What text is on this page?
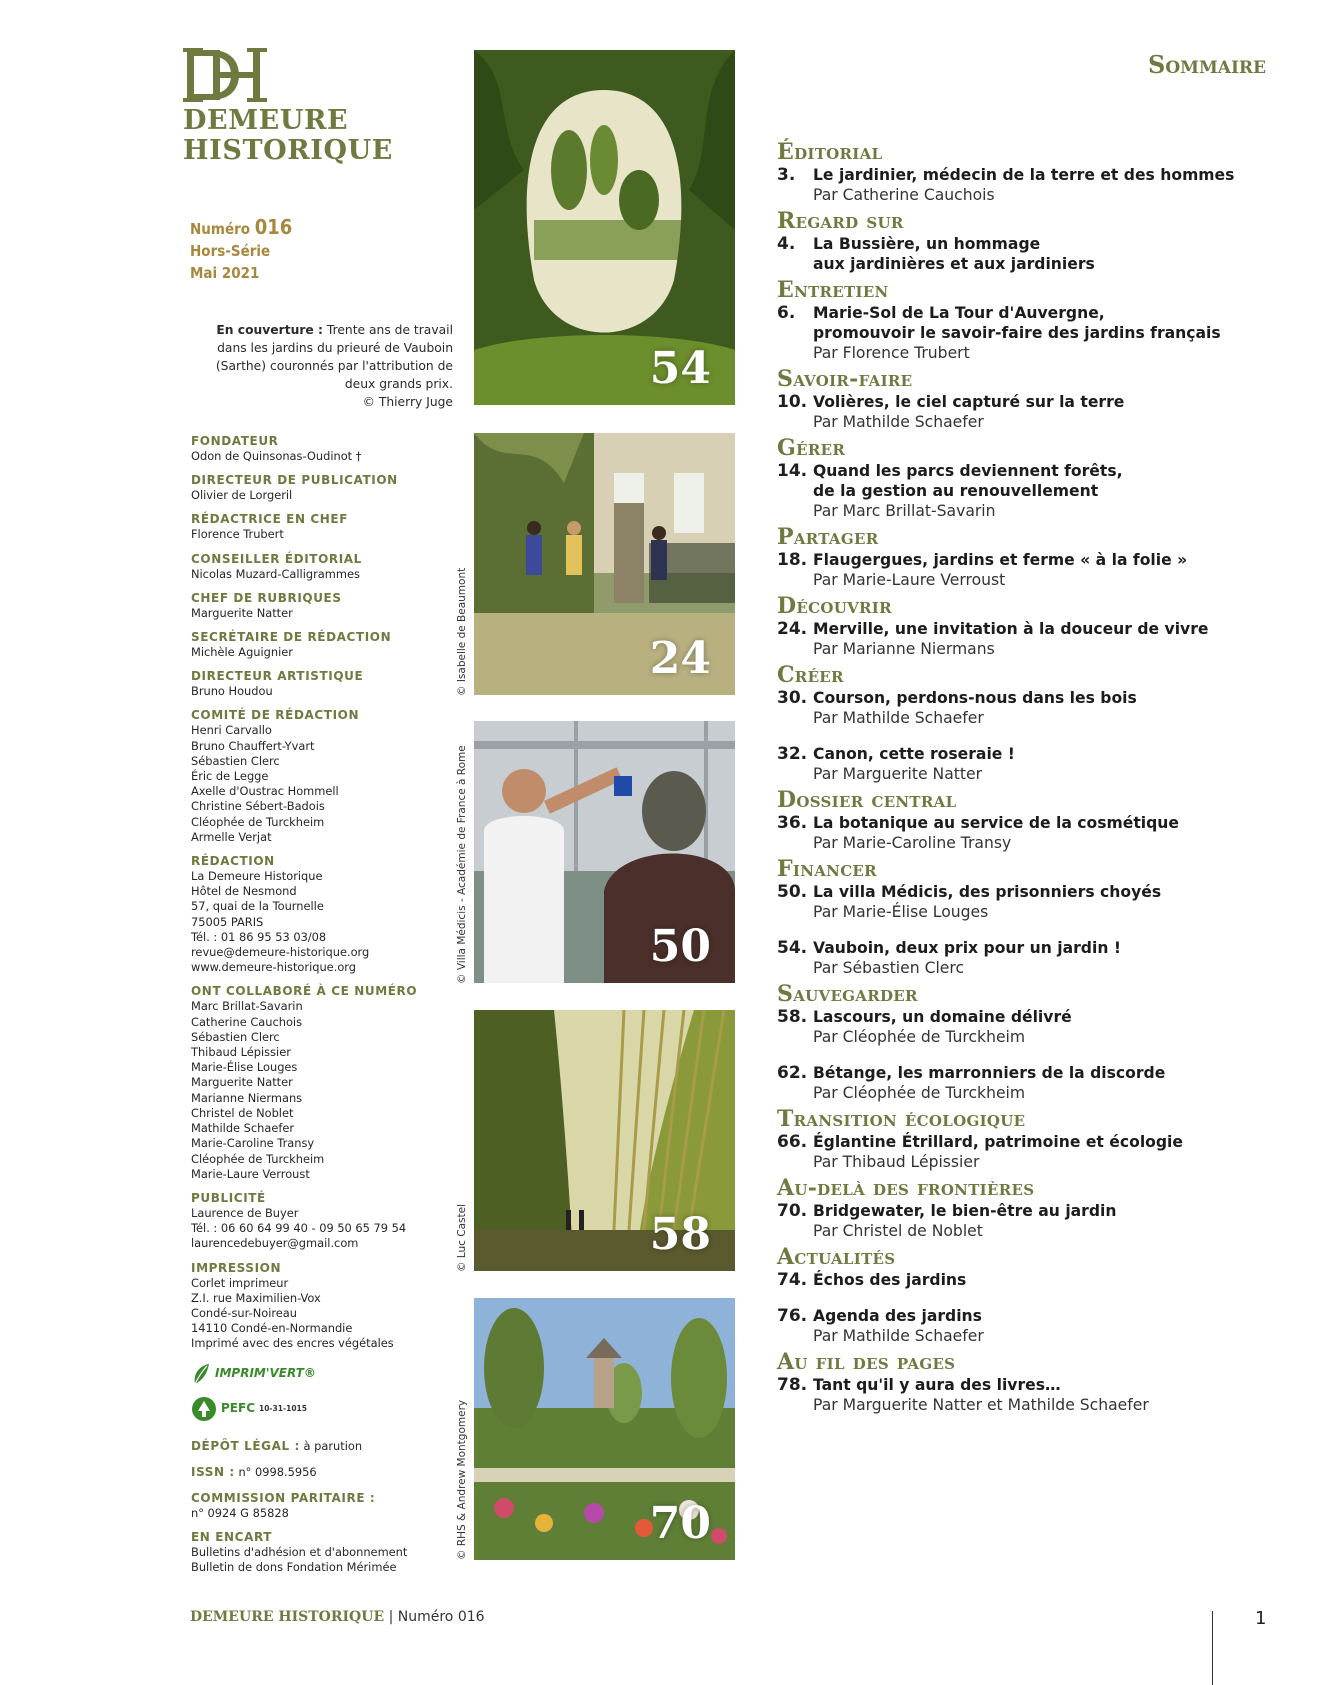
DEMEURE
HISTORIQUE
Numéro 016
Hors-Série
Mai 2021
En couverture : Trente ans de travail dans les jardins du prieuré de Vauboin (Sarthe) couronnés par l'attribution de deux grands prix.
© Thierry Juge
FONDATEUR
Odon de Quinsonas-Oudinot †
DIRECTEUR DE PUBLICATION
Olivier de Lorgeril
RÉDACTRICE EN CHEF
Florence Trubert
CONSEILLER ÉDITORIAL
Nicolas Muzard-Calligrammes
CHEF DE RUBRIQUES
Marguerite Natter
SECRÉTAIRE DE RÉDACTION
Michèle Aguignier
DIRECTEUR ARTISTIQUE
Bruno Houdou
COMITÉ DE RÉDACTION
Henri Carvallo
Bruno Chauffert-Yvart
Sébastien Clerc
Éric de Legge
Axelle d'Oustrac Hommell
Christine Sébert-Badois
Cléophée de Turckheim
Armelle Verjat
RÉDACTION
La Demeure Historique
Hôtel de Nesmond
57, quai de la Tournelle
75005 PARIS
Tél. : 01 86 95 53 03/08
revue@demeure-historique.org
www.demeure-historique.org
ONT COLLABORÉ À CE NUMÉRO
Marc Brillat-Savarin
Catherine Cauchois
Sébastien Clerc
Thibaud Lépissier
Marie-Élise Louges
Marguerite Natter
Marianne Niermans
Christel de Noblet
Mathilde Schaefer
Marie-Caroline Transy
Cléophée de Turckheim
Marie-Laure Verroust
PUBLICITÉ
Laurence de Buyer
Tél. : 06 60 64 99 40 - 09 50 65 79 54
laurencedebuyer@gmail.com
IMPRESSION
Corlet imprimeur
Z.I. rue Maximilien-Vox
Condé-sur-Noireau
14110 Condé-en-Normandie
Imprimé avec des encres végétales
IMPRIM'VERT®
PEFC 10-31-1015
DÉPÔT LÉGAL : à parution
ISSN : n° 0998.5956
COMMISSION PARITAIRE :
n° 0924 G 85828
EN ENCART
Bulletins d'adhésion et d'abonnement
Bulletin de dons Fondation Mérimée
54
24
© Isabelle de Beaumont
50
© Villa Médicis - Académie de France à Rome
58
© Luc Castel
70
© RHS & Andrew Montgomery
Sommaire
Éditorial
3.	Le jardinier, médecin de la terre et des hommes
Par Catherine Cauchois
Regard sur
4.	La Bussière, un hommage
aux jardinières et aux jardiniers
Entretien
6.	Marie-Sol de La Tour d'Auvergne,
promouvoir le savoir-faire des jardins français
Par Florence Trubert
Savoir-faire
10. Volières, le ciel capturé sur la terre
Par Mathilde Schaefer
Gérer
14. Quand les parcs deviennent forêts,
de la gestion au renouvellement
Par Marc Brillat-Savarin
Partager
18. Flaugergues, jardins et ferme « à la folie »
Par Marie-Laure Verroust
Découvrir
24. Merville, une invitation à la douceur de vivre
Par Marianne Niermans
Créer
30. Courson, perdons-nous dans les bois
Par Mathilde Schaefer
32. Canon, cette roseraie !
Par Marguerite Natter
Dossier central
36. La botanique au service de la cosmétique
Par Marie-Caroline Transy
Financer
50. La villa Médicis, des prisonniers choyés
Par Marie-Élise Louges
54. Vauboin, deux prix pour un jardin !
Par Sébastien Clerc
Sauvegarder
58. Lascours, un domaine délivré
Par Cléophée de Turckheim
62. Bétange, les marronniers de la discorde
Par Cléophée de Turckheim
Transition écologique
66. Églantine Étrillard, patrimoine et écologie
Par Thibaud Lépissier
Au-delà des frontières
70. Bridgewater, le bien-être au jardin
Par Christel de Noblet
Actualités
74. Échos des jardins
76. Agenda des jardins
Par Mathilde Schaefer
Au fil des pages
78. Tant qu'il y aura des livres…
Par Marguerite Natter et Mathilde Schaefer
DEMEURE HISTORIQUE | Numéro 016	1
